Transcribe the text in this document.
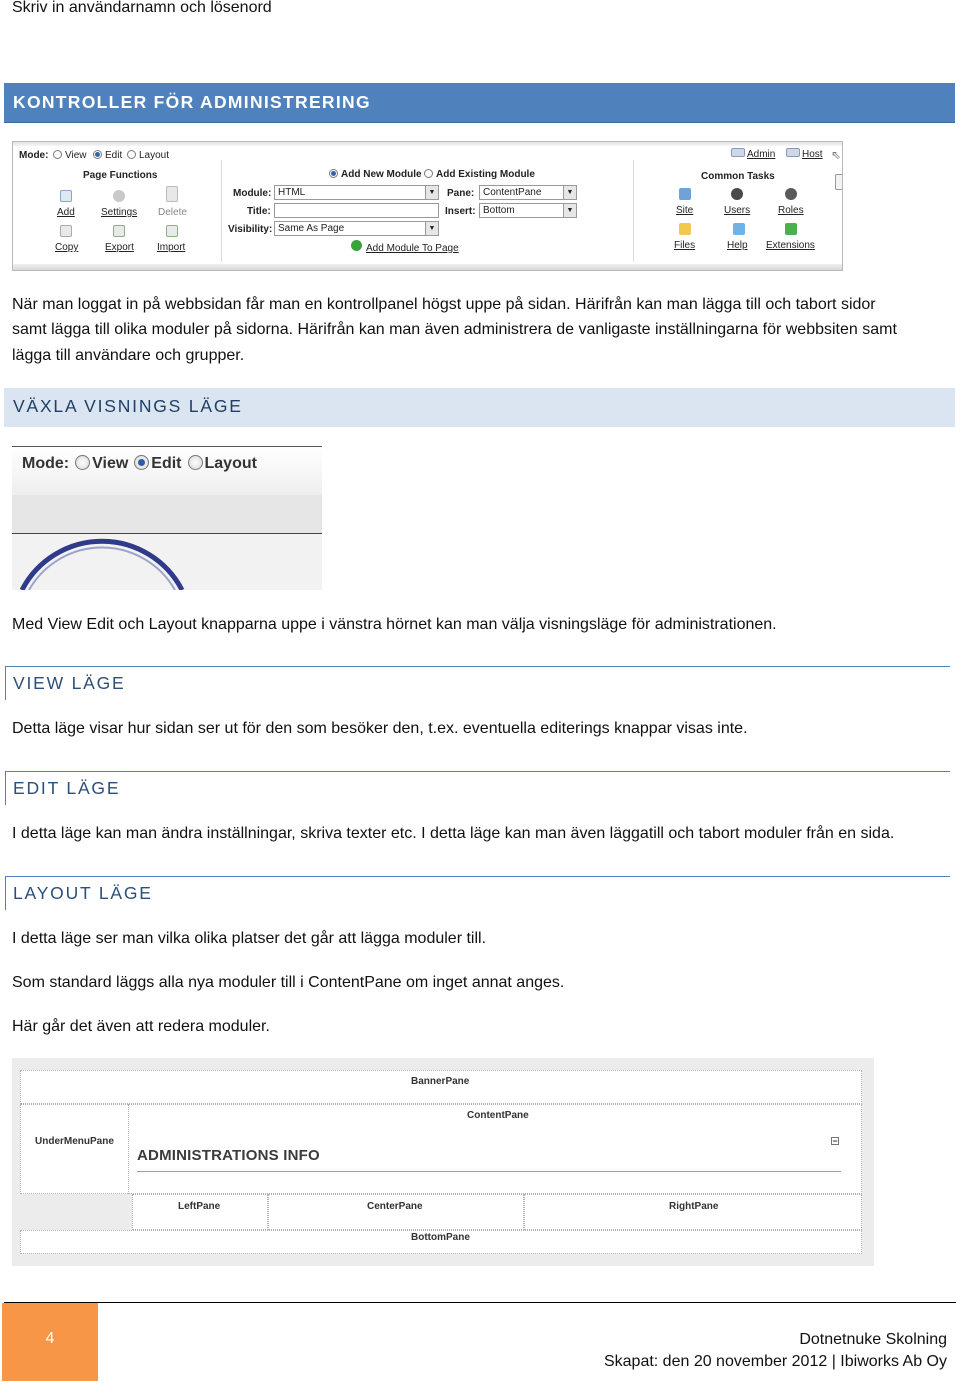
Skriv in användarnamn och lösenord
KONTROLLER FÖR ADMINISTRERING
Mode:	View	Edit	Layout
Page Functions
Add	Settings Delete
Copy	Export Import
Add New Module	Add Existing Module
Module: HTML	▼
Title:
Visibility: Same As Page	▼
Pane: ContentPane	▼
Insert: Bottom	▼
Add Module To Page
Admin	Host ⇖
Common Tasks
Site	Users	Roles
Files	Help Extensions
När man loggat in på webbsidan får man en kontrollpanel högst uppe på sidan. Härifrån kan man lägga till och tabort sidor
samt lägga till olika moduler på sidorna. Härifrån kan man även administrera de vanligaste inställningarna för webbsiten samt
lägga till användare och grupper.
VÄXLA VISNINGS LÄGE
Mode: View Edit Layout
Med View Edit och Layout knapparna uppe i vänstra hörnet kan man välja visningsläge för administrationen.
VIEW LÄGE
Detta läge visar hur sidan ser ut för den som besöker den, t.ex. eventuella editerings knappar visas inte.
EDIT LÄGE
I detta läge kan man ändra inställningar, skriva texter etc. I detta läge kan man även läggatill och tabort moduler från en sida.
LAYOUT LÄGE
I detta läge ser man vilka olika platser det går att lägga moduler till.
Som standard läggs alla nya moduler till i ContentPane om inget annat anges.
Här går det även att redera moduler.
BannerPane
UnderMenuPane
ContentPane
ADMINISTRATIONS INFO
−
LeftPane	CenterPane	RightPane
BottomPane
4	Dotnetnuke Skolning
Skapat: den 20 november 2012 | Ibiworks Ab Oy
